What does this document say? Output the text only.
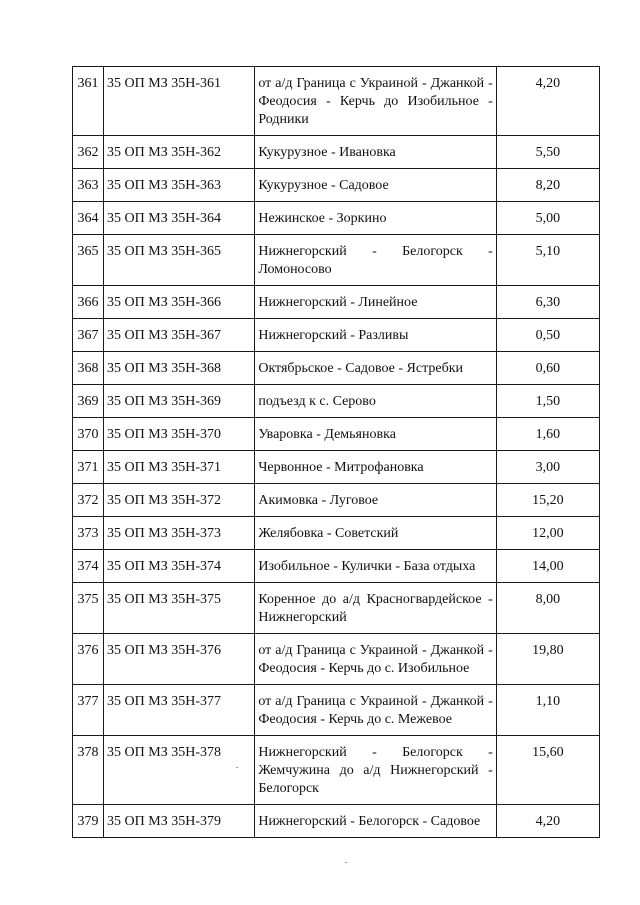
361	35 ОП МЗ 35Н-361	от а/д Граница с Украиной - Джанкой - Феодосия - Керчь до Изобильное - Родники	4,20
362	35 ОП МЗ 35Н-362	Кукурузное - Ивановка	5,50
363	35 ОП МЗ 35Н-363	Кукурузное - Садовое	8,20
364	35 ОП МЗ 35Н-364	Нежинское - Зоркино	5,00
365	35 ОП МЗ 35Н-365	Нижнегорский - Белогорск - Ломоносово	5,10
366	35 ОП МЗ 35Н-366	Нижнегорский - Линейное	6,30
367	35 ОП МЗ 35Н-367	Нижнегорский - Разливы	0,50
368	35 ОП МЗ 35Н-368	Октябрьское - Садовое - Ястребки	0,60
369	35 ОП МЗ 35Н-369	подъезд к с. Серово	1,50
370	35 ОП МЗ 35Н-370	Уваровка - Демьяновка	1,60
371	35 ОП МЗ 35Н-371	Червонное - Митрофановка	3,00
372	35 ОП МЗ 35Н-372	Акимовка - Луговое	15,20
373	35 ОП МЗ 35Н-373	Желябовка - Советский	12,00
374	35 ОП МЗ 35Н-374	Изобильное - Кулички - База отдыха	14,00
375	35 ОП МЗ 35Н-375	Коренное до а/д Красногвардейское - Нижнегорский	8,00
376	35 ОП МЗ 35Н-376	от а/д Граница с Украиной - Джанкой - Феодосия - Керчь до с. Изобильное	19,80
377	35 ОП МЗ 35Н-377	от а/д Граница с Украиной - Джанкой - Феодосия - Керчь до с. Межевое	1,10
378	35 ОП МЗ 35Н-378	Нижнегорский - Белогорск - Жемчужина до а/д Нижнегорский - Белогорск	15,60
379	35 ОП МЗ 35Н-379	Нижнегорский - Белогорск - Садовое	4,20
